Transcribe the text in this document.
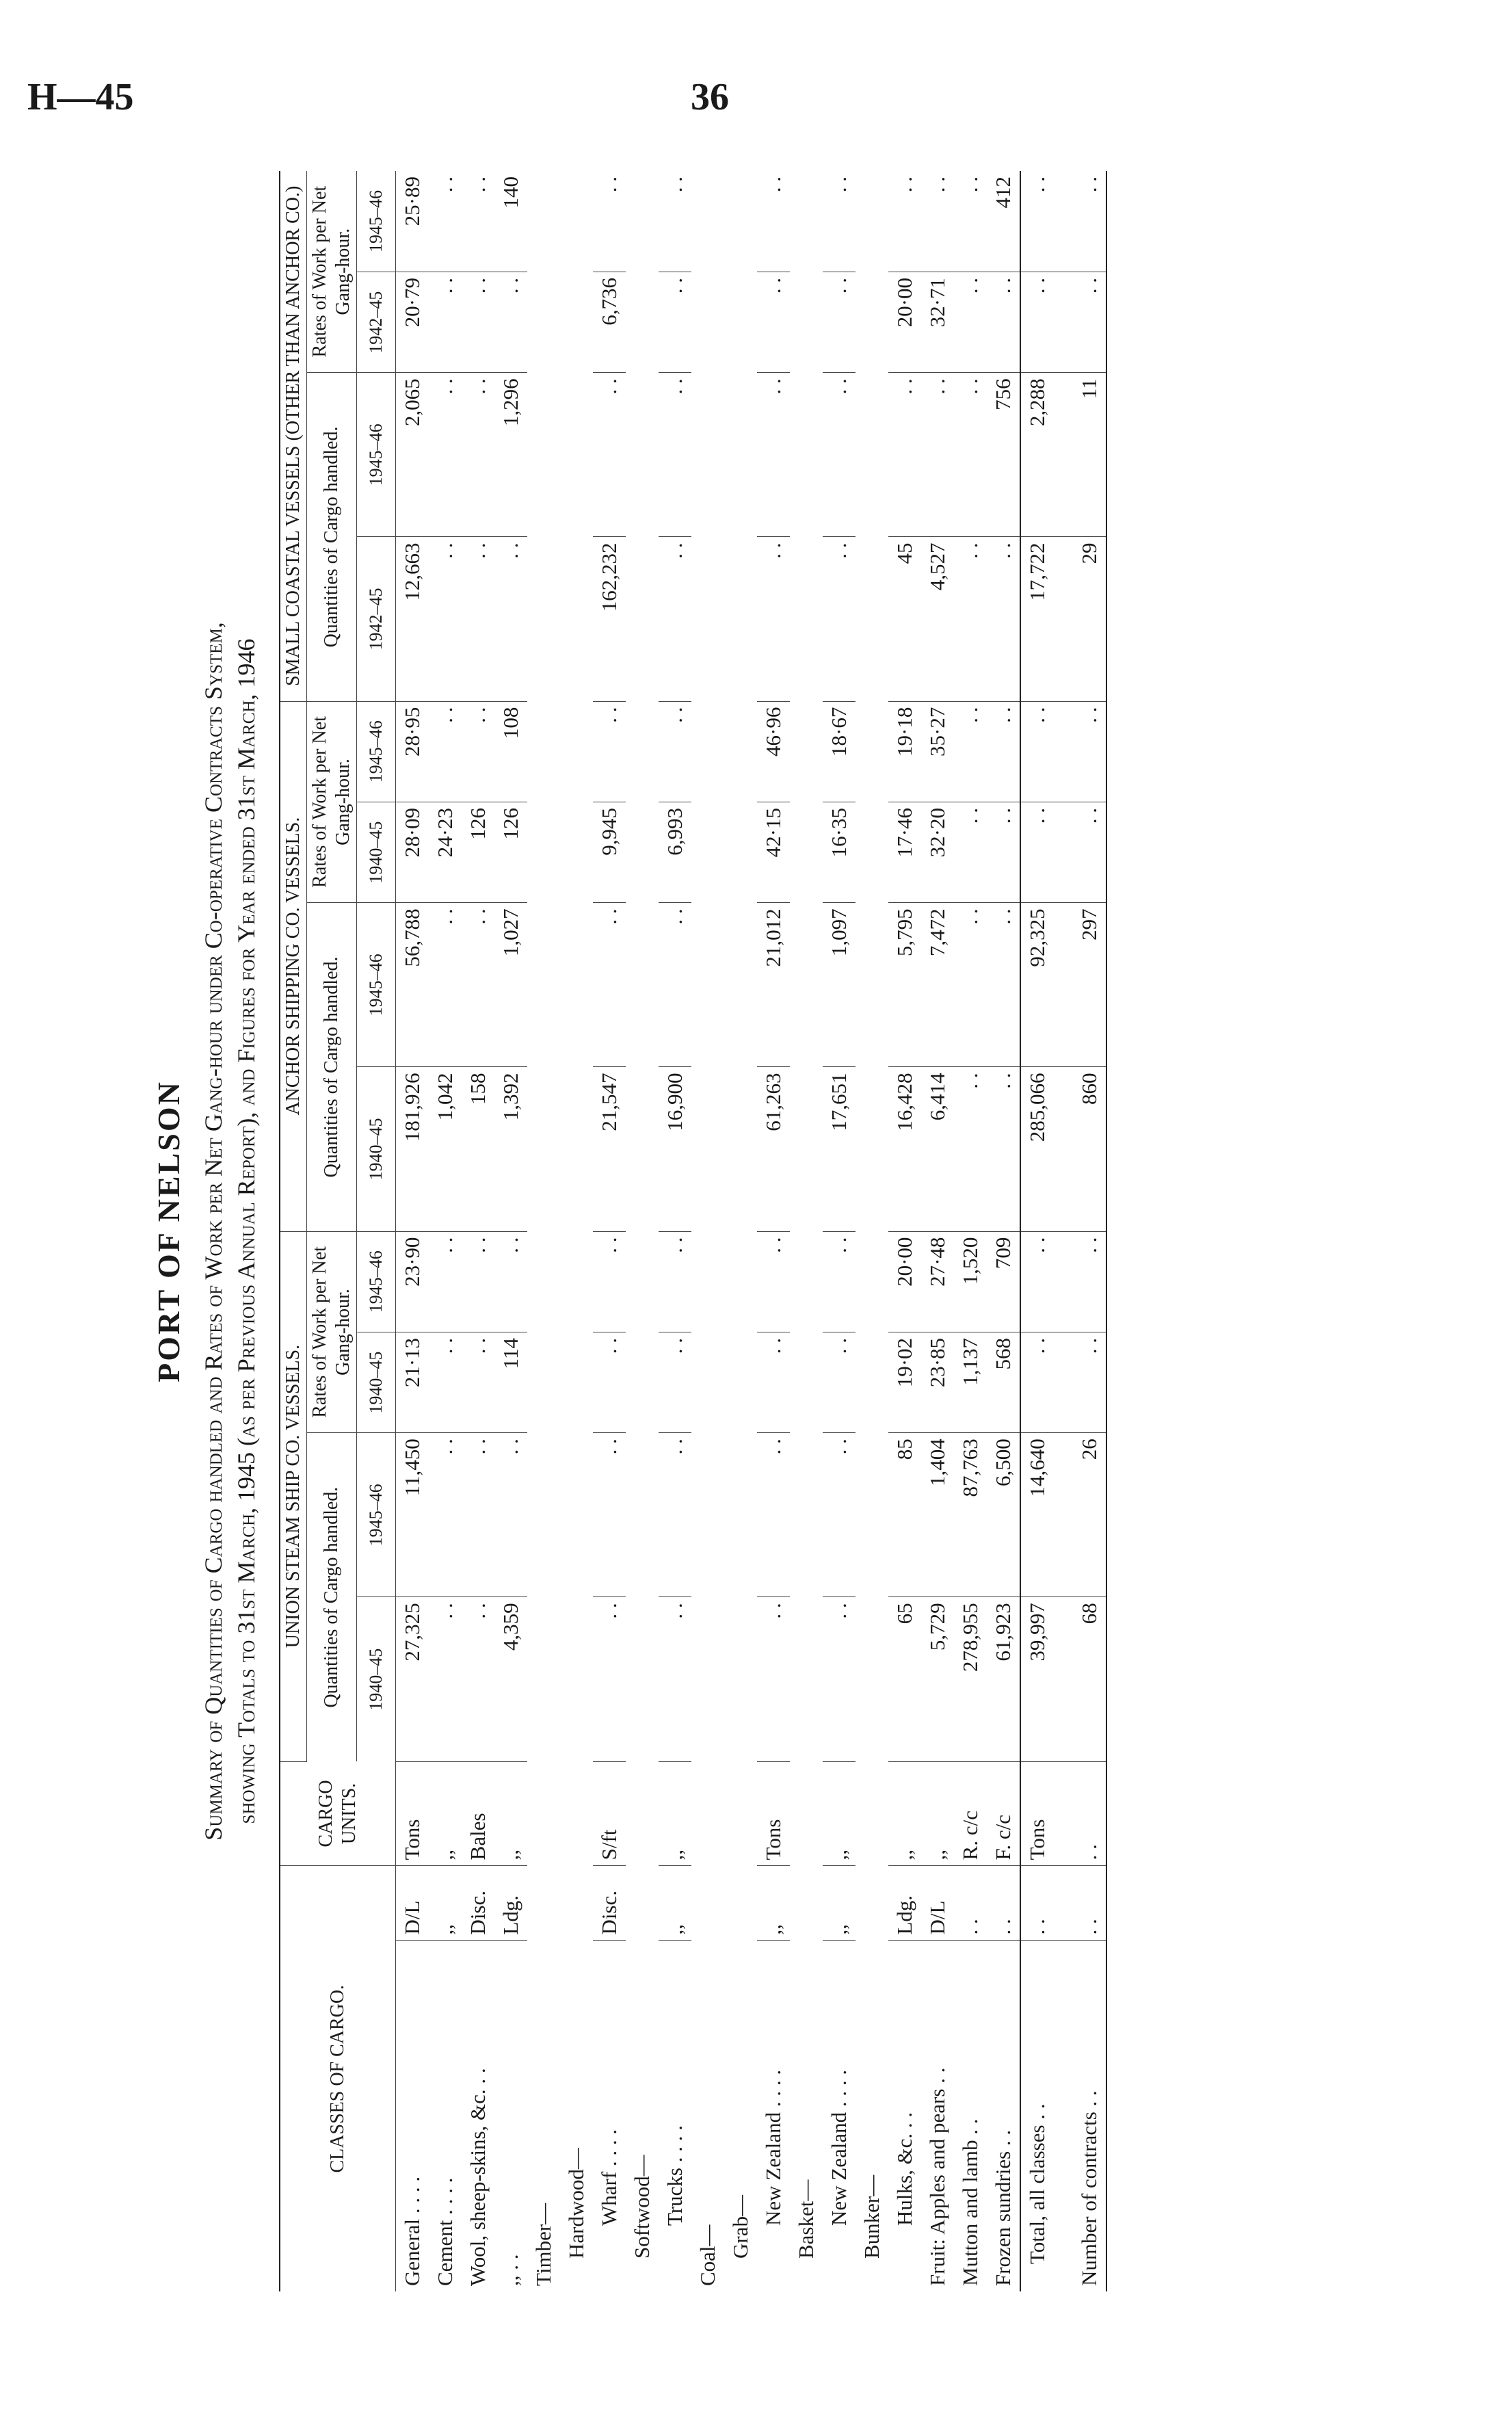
H—45	36
PORT OF NELSON Summary of Quantities of Cargo handled and Rates of Work per Net Gang-hour under Co-operative Contracts System, showing Totals to 31st March, 1945 (as per Previous Annual Report), and Figures for Year ended 31st March, 1946
CLASSES OF CARGO.		CARGO UNITS.	UNION STEAM SHIP CO. VESSELS.				ANCHOR SHIPPING CO. VESSELS.				SMALL COASTAL VESSELS (OTHER THAN ANCHOR CO.)			
			Quantities of Cargo handled.		Rates of Work per Net Gang-hour.		Quantities of Cargo handled.		Rates of Work per Net Gang-hour.		Quantities of Cargo handled.		Rates of Work per Net Gang-hour.	
			1940–45	1945–46	1940–45	1945–46	1940–45	1945–46	1940–45	1945–46	1942–45	1945–46	1942–45	1945–46
General . . . .	D/L	Tons	27,325	11,450	21·13	23·90	181,926	56,788	28·09	28·95	12,663	2,065	20·79	25·89
Cement . . . .	,,	,,	. .	. .	. .	. .	1,042	. .	24·23	. .	. .	. .	. .	. .
Wool, sheep-skins, &c. . .	Disc.	Bales	. .	. .	. .	. .	158	. .	126	. .	. .	. .	. .	. .
,, . .	Ldg.	,,	4,359	. .	114	. .	1,392	1,027	126	108	. .	1,296	. .	140
Timber—														
Hardwood—														
Wharf . . . .	Disc.	S/ft	. .	. .	. .	. .	21,547	. .	9,945	. .	162,232	. .	6,736	. .
Softwood—														
Trucks . . . .	,,	,,	. .	. .	. .	. .	16,900	. .	6,993	. .	. .	. .	. .	. .
Coal—														
Grab—														
New Zealand . . . .	,,	Tons	. .	. .	. .	. .	61,263	21,012	42·15	46·96	. .	. .	. .	. .
Basket—														
New Zealand . . . .	,,	,,	. .	. .	. .	. .	17,651	1,097	16·35	18·67	. .	. .	. .	. .
Bunker—														
Hulks, &c. . .	Ldg.	,,	65	85	19·02	20·00	16,428	5,795	17·46	19·18	45	. .	20·00	. .
Fruit: Apples and pears . .	D/L	,,	5,729	1,404	23·85	27·48	6,414	7,472	32·20	35·27	4,527	. .	32·71	. .
Mutton and lamb . .	. .	R. c/c	278,955	87,763	1,137	1,520	. .	. .	. .	. .	. .	. .	. .	. .
Frozen sundries . .	. .	F. c/c	61,923	6,500	568	709	. .	. .	. .	. .	. .	756	. .	412
Total, all classes . .	. .	Tons	39,997	14,640	. .	. .	285,066	92,325	. .	. .	17,722	2,288	. .	. .
Number of contracts . .	. .	. .	68	26	. .	. .	860	297	. .	. .	29	11	. .	. .
